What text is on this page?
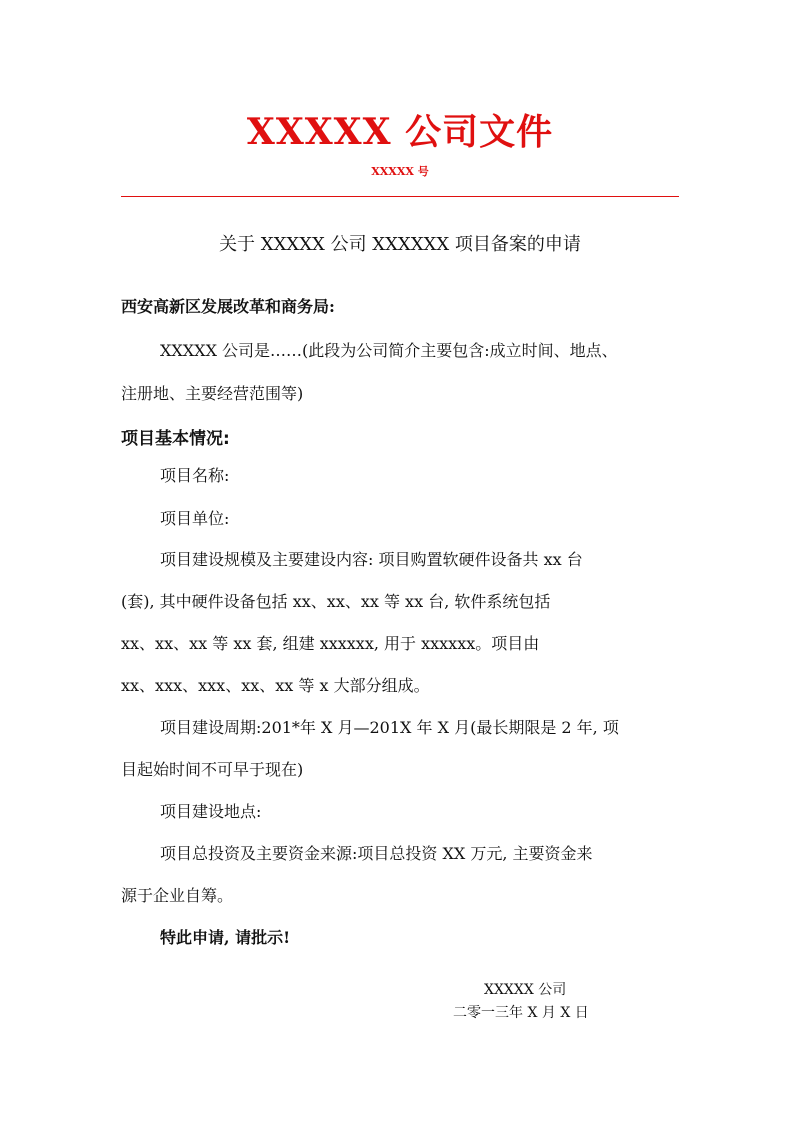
XXXXX 公司文件
XXXXX 号
关于 XXXXX 公司 XXXXXX 项目备案的申请
西安高新区发展改革和商务局:
XXXXX 公司是……(此段为公司简介主要包含:成立时间、地点、
注册地、主要经营范围等)
项目基本情况:
项目名称:
项目单位:
项目建设规模及主要建设内容: 项目购置软硬件设备共 xx 台
(套), 其中硬件设备包括 xx、xx、xx 等 xx 台, 软件系统包括
xx、xx、xx 等 xx 套, 组建 xxxxxx, 用于 xxxxxx。项目由
xx、xxx、xxx、xx、xx 等 x 大部分组成。
项目建设周期:201*年 X 月—201X 年 X 月(最长期限是 2 年, 项
目起始时间不可早于现在)
项目建设地点:
项目总投资及主要资金来源:项目总投资 XX 万元, 主要资金来
源于企业自筹。
特此申请, 请批示!
XXXXX 公司
二零一三年 X 月 X 日
